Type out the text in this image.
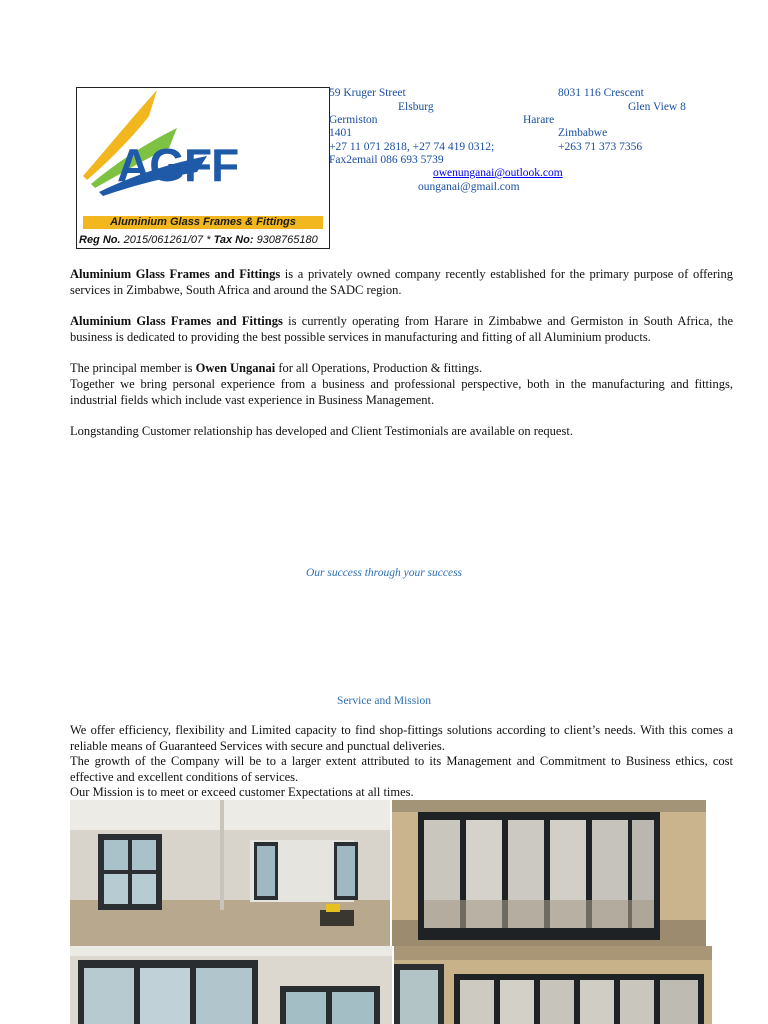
AGFF
Aluminium Glass Frames & Fittings
Reg No. 2015/061261/07 * Tax No: 9308765180
59 Kruger Street
Elsburg
Germiston
1401
+27 11 071 2818, +27 74 419 0312;
Fax2email 086 693 5739
8031 116 Crescent
Glen View 8
Harare
Zimbabwe
+263 71 373 7356
owenunganai@outlook.com
ounganai@gmail.com
Aluminium Glass Frames and Fittings is a privately owned company recently established for the primary purpose of offering services in Zimbabwe, South Africa and around the SADC region.
Aluminium Glass Frames and Fittings is currently operating from Harare in Zimbabwe and Germiston in South Africa, the business is dedicated to providing the best possible services in manufacturing and fitting of all Aluminium products.
The principal member is Owen Unganai for all Operations, Production & fittings.
Together we bring personal experience from a business and professional perspective, both in the manufacturing and fittings, industrial fields which include vast experience in Business Management.
Longstanding Customer relationship has developed and Client Testimonials are available on request.
Our success through your success
Service and Mission
We offer efficiency, flexibility and Limited capacity to find shop-fittings solutions according to client’s needs. With this comes a reliable means of Guaranteed Services with secure and punctual deliveries.
The growth of the Company will be to a larger extent attributed to its Management and Commitment to Business ethics, cost effective and excellent conditions of services.
Our Mission is to meet or exceed customer Expectations at all times.
